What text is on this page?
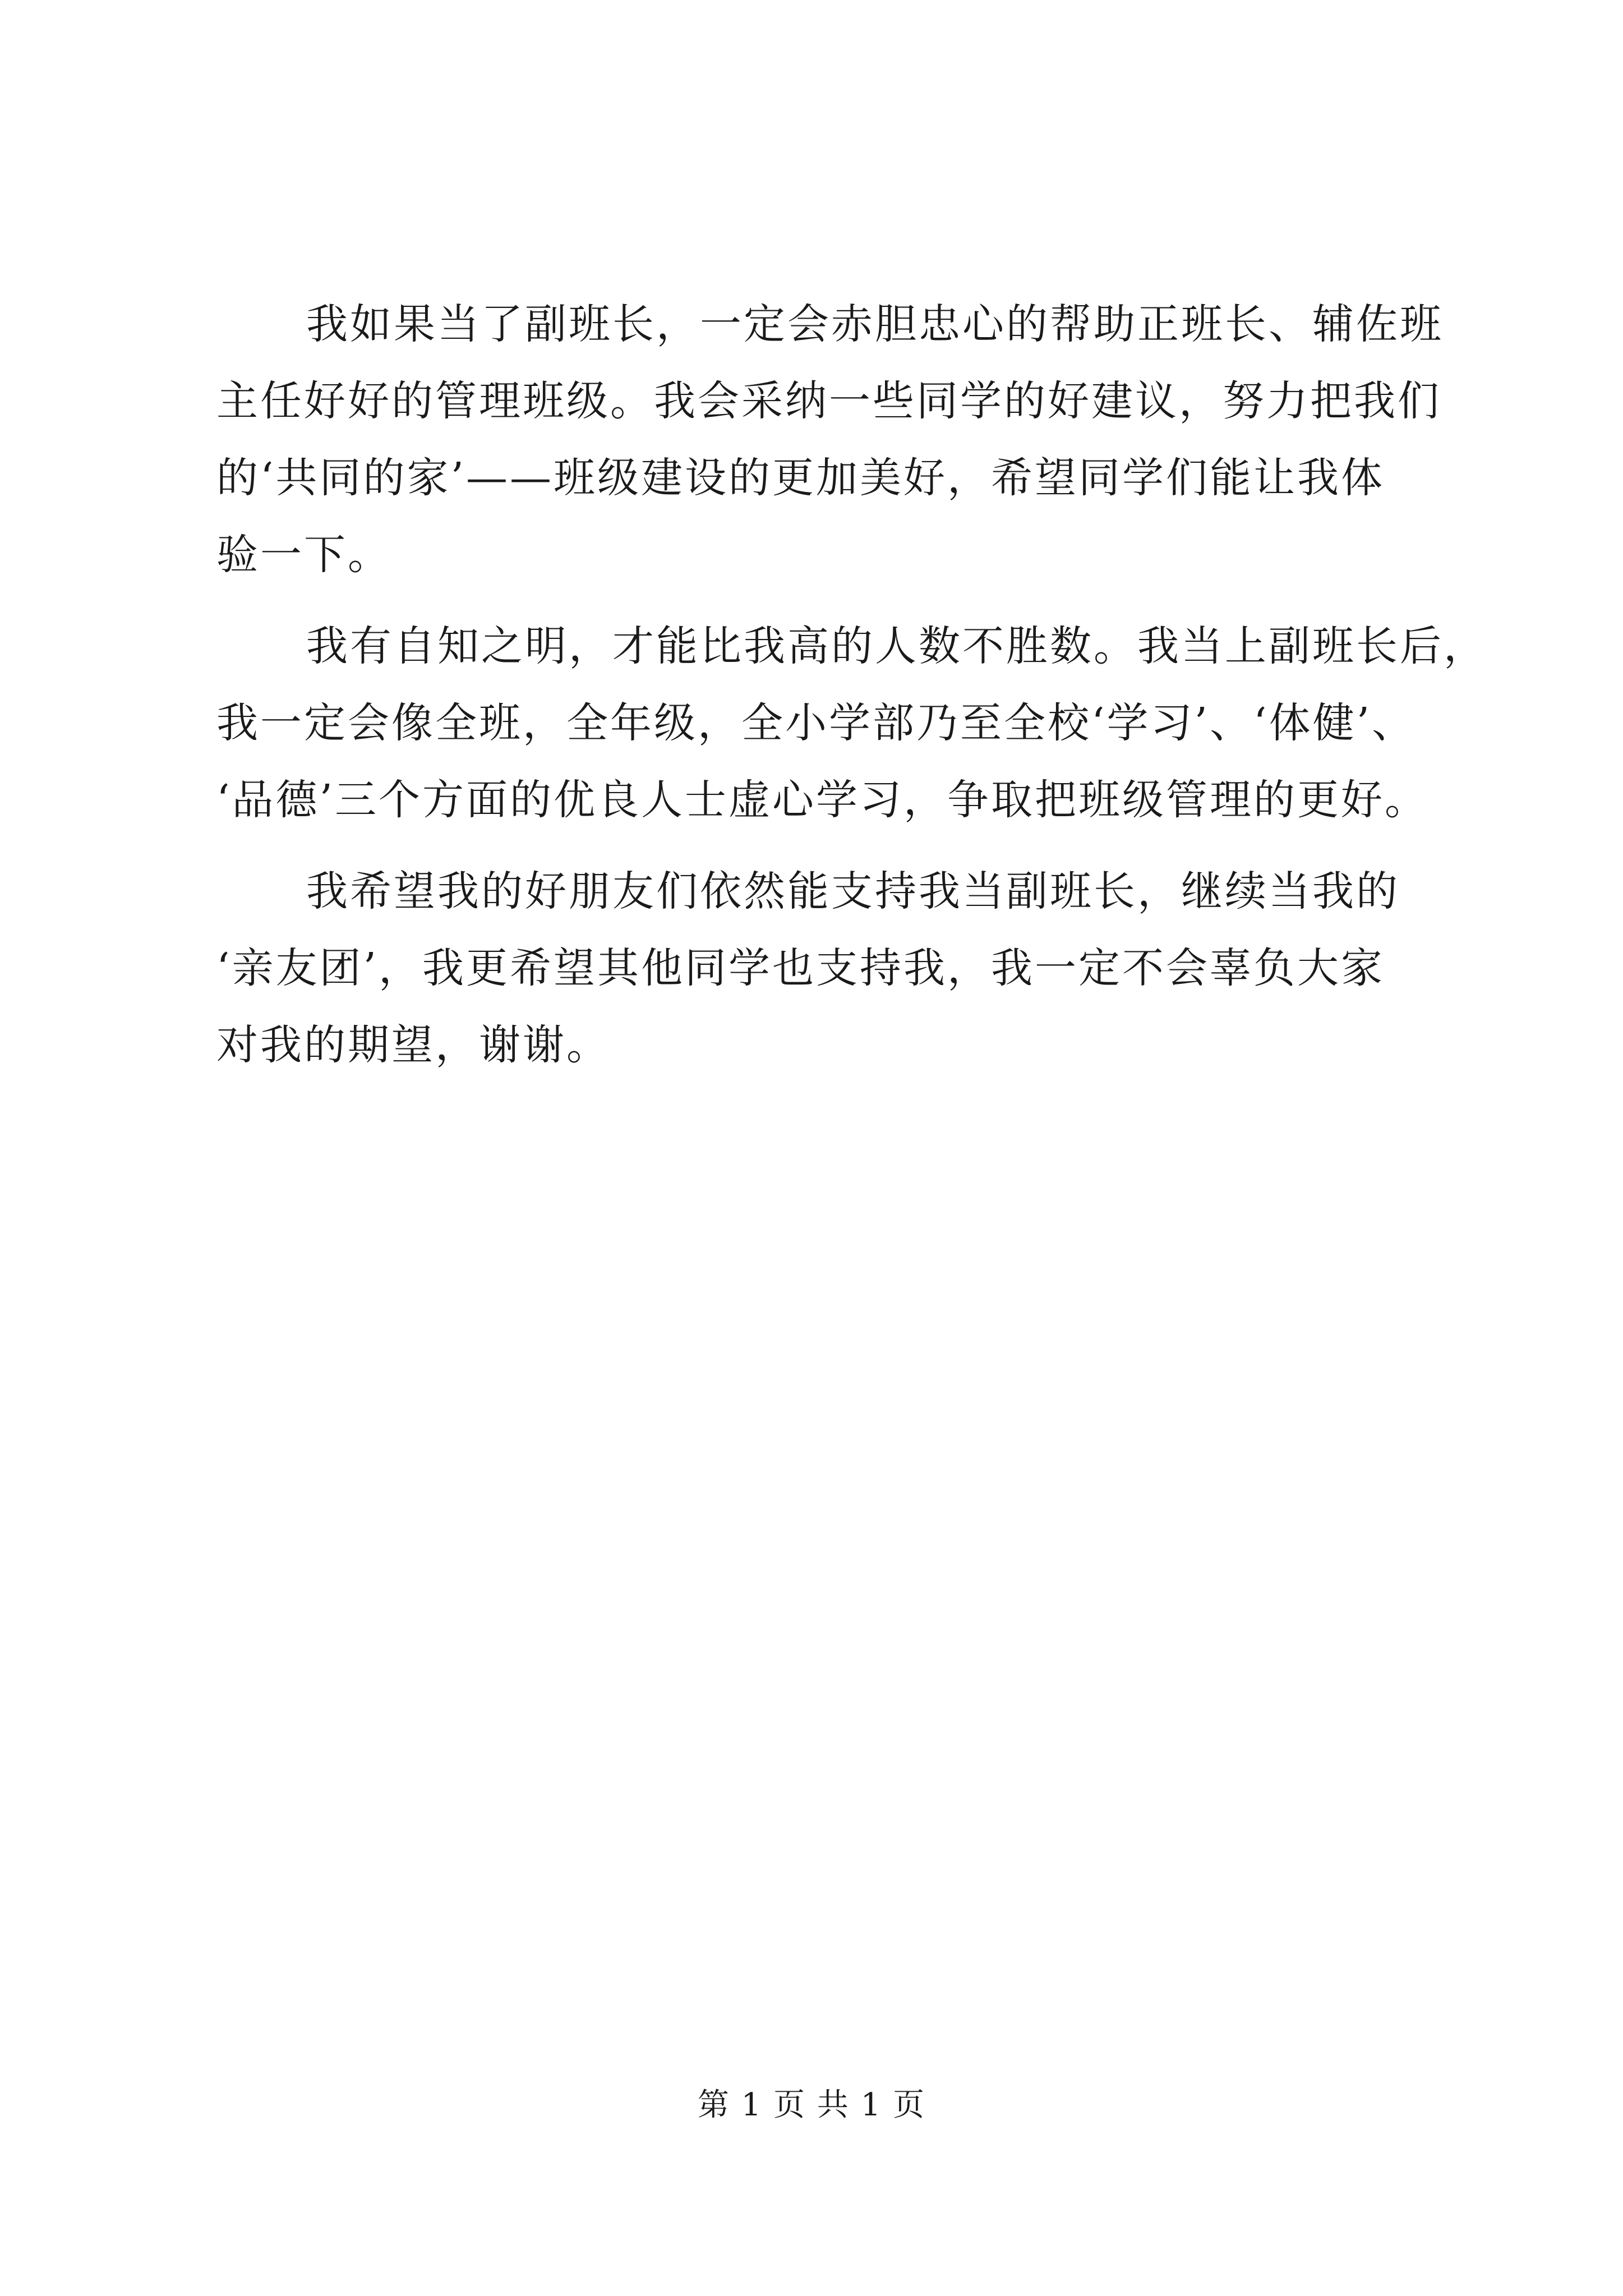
我如果当了副班长，一定会赤胆忠心的帮助正班长、辅佐班
主任好好的管理班级。我会采纳一些同学的好建议，努力把我们
的‘共同的家’——班级建设的更加美好，希望同学们能让我体
验一下。

我有自知之明，才能比我高的人数不胜数。我当上副班长后，
我一定会像全班，全年级，全小学部乃至全校‘学习’、‘体健’、
‘品德’三个方面的优良人士虚心学习，争取把班级管理的更好。

我希望我的好朋友们依然能支持我当副班长，继续当我的
‘亲友团’，我更希望其他同学也支持我，我一定不会辜负大家
对我的期望，谢谢。

第 1 页 共 1 页
